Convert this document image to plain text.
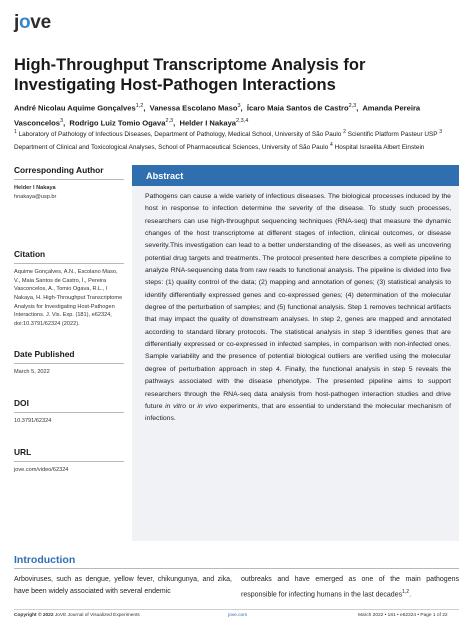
jove
High-Throughput Transcriptome Analysis for
Investigating Host-Pathogen Interactions
André Nicolau Aquime Gonçalves$^{1,2}$,  Vanessa Escolano Maso$^3$,  Ícaro Maia Santos de Castro$^{2,3}$,  Amanda Pereira Vasconcelos$^3$,  Rodrigo Luiz Tomio Ogava$^{2,3}$,  Helder I Nakaya$^{2,3,4}$
$^1$ Laboratory of Pathology of Infectious Diseases, Department of Pathology, Medical School, University of São Paulo $^2$ Scientific Platform Pasteur USP $^3$ Department of Clinical and Toxicological Analyses, School of Pharmaceutical Sciences, University of São Paulo $^4$ Hospital Israelita Albert Einstein
Corresponding Author
Helder I Nakaya
hnakaya@usp.br
Citation
Aquime Gonçalves, A.N., Escolano Maso, V., Maia Santos de Castro, Í., Pereira Vasconcelos, A., Tomio Ogava, R.L., I Nakaya, H. High-Throughput Transcriptome Analysis for Investigating Host-Pathogen Interactions. J. Vis. Exp. (181), e62324, doi:10.3791/62324 (2022).
Date Published
March 5, 2022
DOI
10.3791/62324
URL
jove.com/video/62324
Abstract
Pathogens can cause a wide variety of infectious diseases. The biological processes induced by the host in response to infection determine the severity of the disease. To study such processes, researchers can use high-throughput sequencing techniques (RNA-seq) that measure the dynamic changes of the host transcriptome at different stages of infection, clinical outcomes, or disease severity.This investigation can lead to a better understanding of the diseases, as well as uncovering potential drug targets and treatments. The protocol presented here describes a complete pipeline to analyze RNA-sequencing data from raw reads to functional analysis. The pipeline is divided into five steps: (1) quality control of the data; (2) mapping and annotation of genes; (3) statistical analysis to identify differentially expressed genes and co-expressed genes; (4) determination of the molecular degree of the perturbation of samples; and (5) functional analysis. Step 1 removes technical artifacts that may impact the quality of downstream analyses. In step 2, genes are mapped and annotated according to standard library protocols. The statistical analysis in step 3 identifies genes that are differentially expressed or co-expressed in infected samples, in comparison with non-infected ones. Sample variability and the presence of potential biological outliers are verified using the molecular degree of perturbation approach in step 4. Finally, the functional analysis in step 5 reveals the pathways associated with the disease phenotype. The presented pipeline aims to support researchers through the RNA-seq data analysis from host-pathogen interaction studies and drive future in vitro or in vivo experiments, that are essential to understand the molecular mechanism of infections.
Introduction
Arboviruses, such as dengue, yellow fever, chikungunya, and zika, have been widely associated with several endemic
outbreaks and have emerged as one of the main pathogens responsible for infecting humans in the last decades$^{1,2}$.
Copyright © 2022 JoVE Journal of Visualized Experiments	jove.com	March 2022 • 181 • e62324 • Page 1 of 22
